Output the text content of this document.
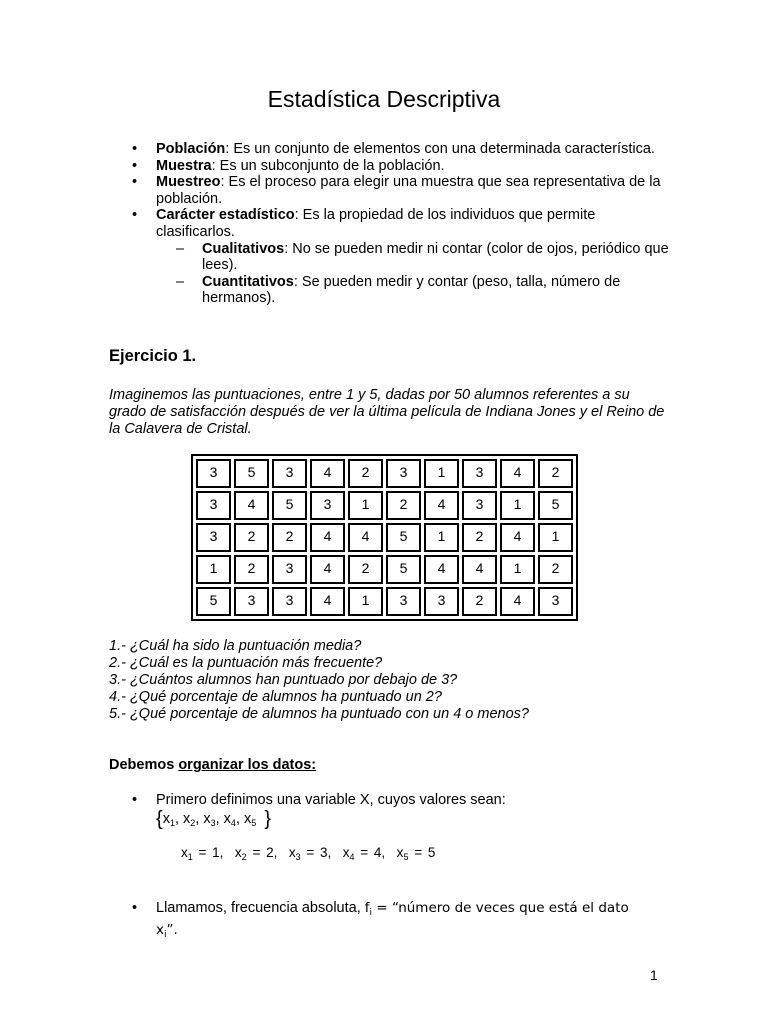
Estadística Descriptiva
• Población: Es un conjunto de elementos con una determinada característica.
• Muestra: Es un subconjunto de la población.
• Muestreo: Es el proceso para elegir una muestra que sea representativa de la población.
• Carácter estadístico: Es la propiedad de los individuos que permite clasificarlos.
– Cualitativos: No se pueden medir ni contar (color de ojos, periódico que lees).
– Cuantitativos: Se pueden medir y contar (peso, talla, número de hermanos).
Ejercicio 1.
Imaginemos las puntuaciones, entre 1 y 5, dadas por 50 alumnos referentes a su grado de satisfacción después de ver la última película de Indiana Jones y el Reino de la Calavera de Cristal.
3	5	3	4	2	3	1	3	4	2
3	4	5	3	1	2	4	3	1	5
3	2	2	4	4	5	1	2	4	1
1	2	3	4	2	5	4	4	1	2
5	3	3	4	1	3	3	2	4	3
1.- ¿Cuál ha sido la puntuación media?
2.- ¿Cuál es la puntuación más frecuente?
3.- ¿Cuántos alumnos han puntuado por debajo de 3?
4.- ¿Qué porcentaje de alumnos ha puntuado un 2?
5.- ¿Qué porcentaje de alumnos ha puntuado con un 4 o menos?
Debemos organizar los datos:
• Primero definimos una variable X, cuyos valores sean:
{$x_1$, $x_2$, $x_3$, $x_4$, $x_5$ }
$x_1 = 1$,  $x_2 = 2$,  $x_3 = 3$,  $x_4 = 4$,  $x_5 = 5$
• Llamamos, frecuencia absoluta, $f_i$ = “número de veces que está el dato
$x_i$”.
1
